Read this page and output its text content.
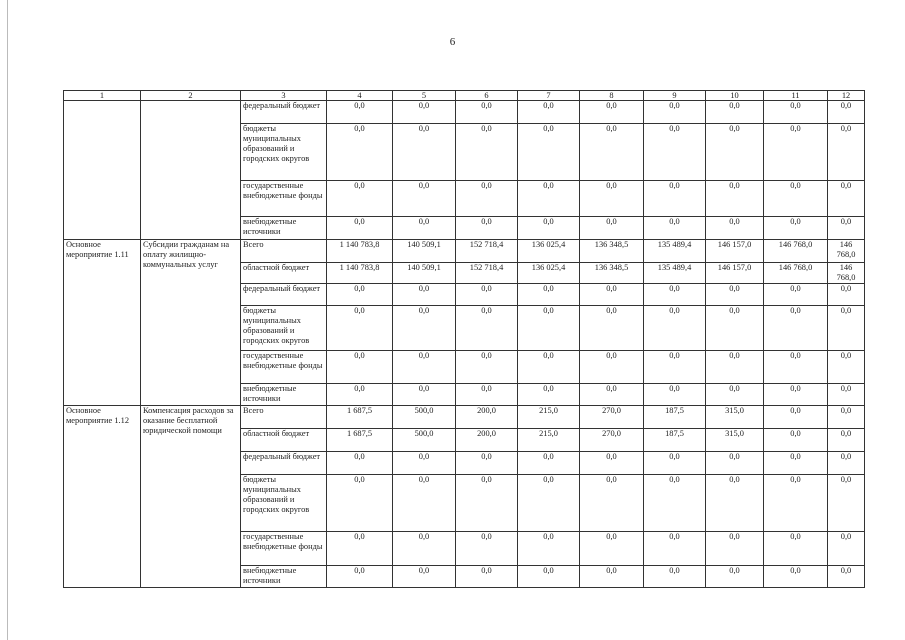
6
1	2	3	4	5	6	7	8	9	10	11	12
		федеральный бюджет	0,0	0,0	0,0	0,0	0,0	0,0	0,0	0,0	0,0
		бюджеты муниципальных образований и городских округов	0,0	0,0	0,0	0,0	0,0	0,0	0,0	0,0	0,0
		государственные внебюджетные фонды	0,0	0,0	0,0	0,0	0,0	0,0	0,0	0,0	0,0
		внебюджетные источники	0,0	0,0	0,0	0,0	0,0	0,0	0,0	0,0	0,0
Основное мероприятие 1.11	Субсидии гражданам на оплату жилищно-коммунальных услуг	Всего	1 140 783,8	140 509,1	152 718,4	136 025,4	136 348,5	135 489,4	146 157,0	146 768,0	146 768,0
		областной бюджет	1 140 783,8	140 509,1	152 718,4	136 025,4	136 348,5	135 489,4	146 157,0	146 768,0	146 768,0
		федеральный бюджет	0,0	0,0	0,0	0,0	0,0	0,0	0,0	0,0	0,0
		бюджеты муниципальных образований и городских округов	0,0	0,0	0,0	0,0	0,0	0,0	0,0	0,0	0,0
		государственные внебюджетные фонды	0,0	0,0	0,0	0,0	0,0	0,0	0,0	0,0	0,0
		внебюджетные источники	0,0	0,0	0,0	0,0	0,0	0,0	0,0	0,0	0,0
Основное мероприятие 1.12	Компенсация расходов за оказание бесплатной юридической помощи	Всего	1 687,5	500,0	200,0	215,0	270,0	187,5	315,0	0,0	0,0
		областной бюджет	1 687,5	500,0	200,0	215,0	270,0	187,5	315,0	0,0	0,0
		федеральный бюджет	0,0	0,0	0,0	0,0	0,0	0,0	0,0	0,0	0,0
		бюджеты муниципальных образований и городских округов	0,0	0,0	0,0	0,0	0,0	0,0	0,0	0,0	0,0
		государственные внебюджетные фонды	0,0	0,0	0,0	0,0	0,0	0,0	0,0	0,0	0,0
		внебюджетные источники	0,0	0,0	0,0	0,0	0,0	0,0	0,0	0,0	0,0
